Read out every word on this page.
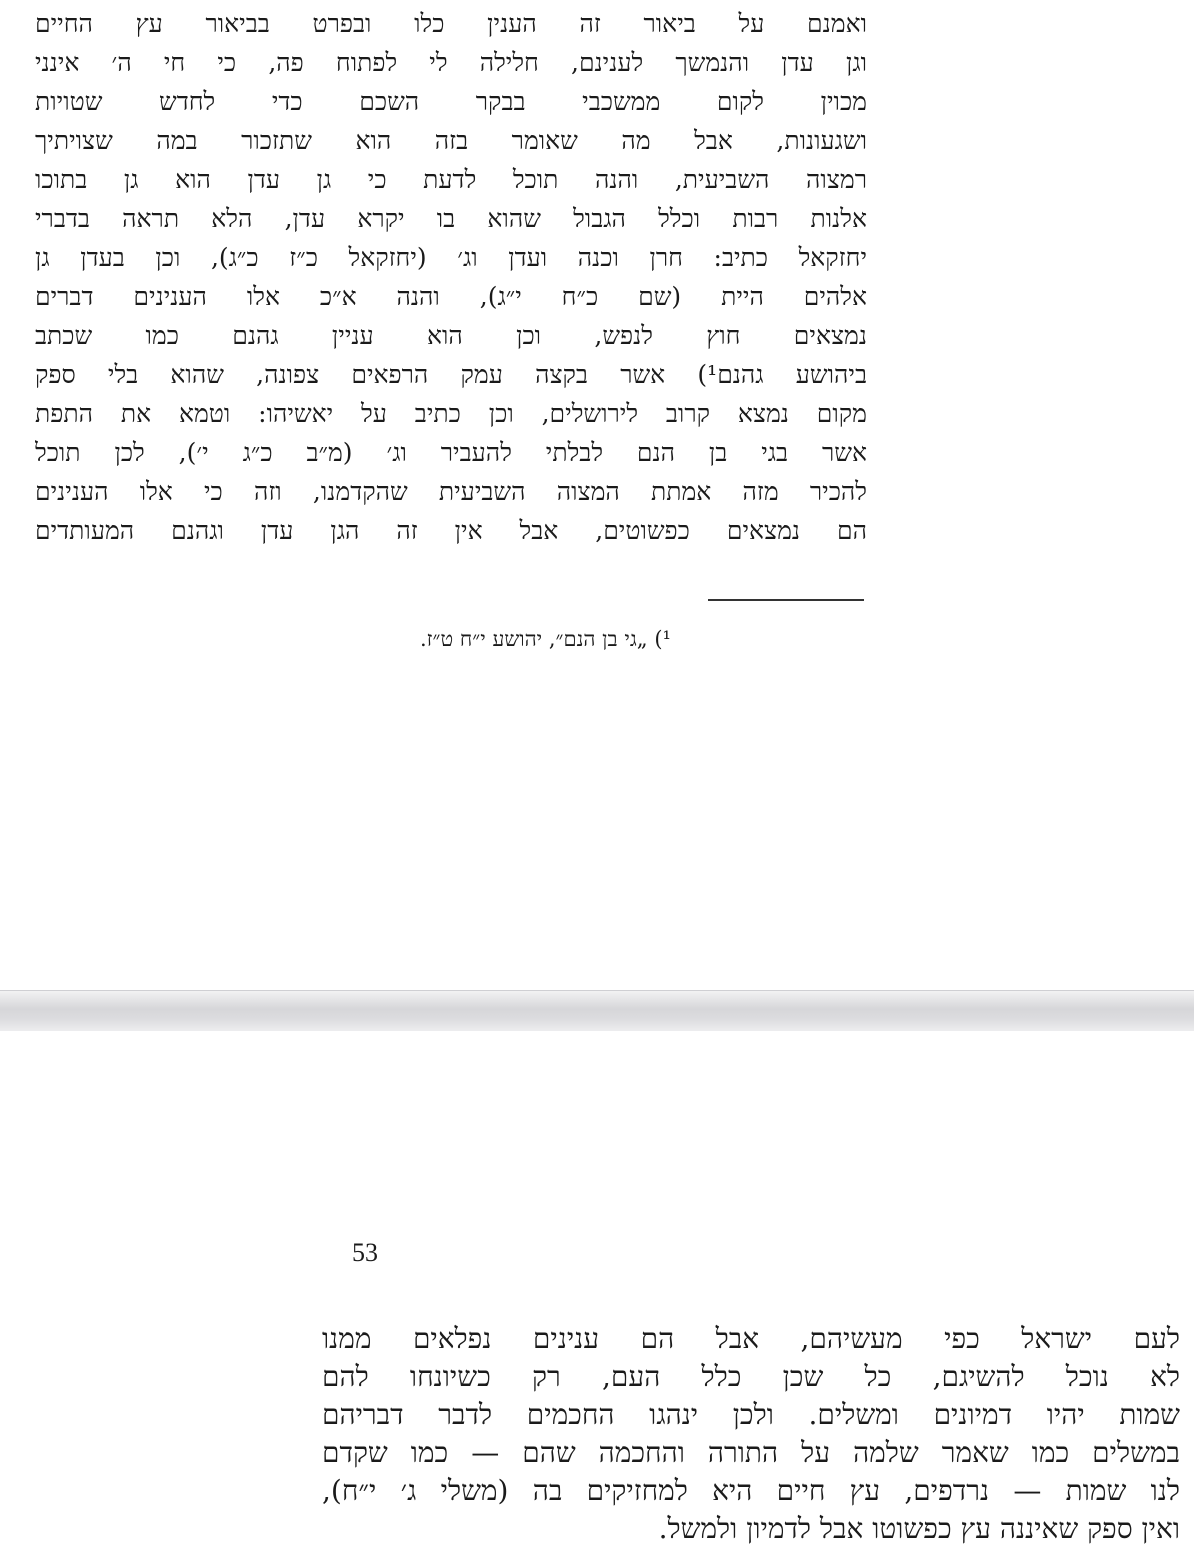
ואמנם על ביאור זה הענין כלו ובפרט בביאור עץ החיים
וגן עדן והנמשך לענינם, חלילה לי לפתוח פה, כי חי ה׳ אינני
מכוין לקום ממשכבי בבקר השכם כדי לחדש שטויות
ושגעונות, אבל מה שאומר בזה הוא שתזכור במה שצויתיך
רמצוה השביעית, והנה תוכל לדעת כי גן עדן הוא גן בתוכו
אלנות רבות וכלל הגבול שהוא בו יקרא עדן, הלא תראה בדברי
יחזקאל כתיב: חרן וכנה ועדן וג׳ (יחזקאל כ״ז כ״ג), וכן בעדן גן
אלהים היית (שם כ״ח י״ג), והנה א״כ אלו הענינים דברים
נמצאים חוץ לנפש, וכן הוא עניין גהנם כמו שכתב
ביהושע גהנם¹) אשר בקצה עמק הרפאים צפונה, שהוא בלי ספק
מקום נמצא קרוב לירושלים, וכן כתיב על יאשיהו: וטמא את התפת
אשר בגי בן הנם לבלתי להעביר וג׳ (מ״ב כ״ג י׳), לכן תוכל
להכיר מזה אמתת המצוה השביעית שהקדמנו, וזה כי אלו הענינים
הם נמצאים כפשוטים, אבל אין זה הגן עדן וגהנם המעותדים
¹) „גי בן הנם״, יהושע י״ח ט״ז.
53
לעם ישראל כפי מעשיהם, אבל הם ענינים נפלאים ממנו
לא נוכל להשיגם, כל שכן כלל העם, רק כשיונחו להם
שמות יהיו דמיונים ומשלים. ולכן ינהגו החכמים לדבר דבריהם
במשלים כמו שאמר שלמה על התורה והחכמה שהם — כמו שקדם
לנו שמות — נרדפים, עץ חיים היא למחזיקים בה (משלי ג׳ י״ח),
ואין ספק שאיננה עץ כפשוטו אבל לדמיון ולמשל.
